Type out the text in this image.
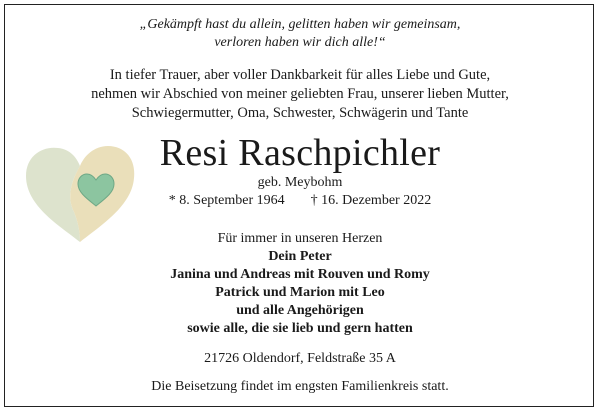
„Gekämpft hast du allein, gelitten haben wir gemeinsam,
verloren haben wir dich alle!“
In tiefer Trauer, aber voller Dankbarkeit für alles Liebe und Gute,
nehmen wir Abschied von meiner geliebten Frau, unserer lieben Mutter,
Schwiegermutter, Oma, Schwester, Schwägerin und Tante
Resi Raschpichler
geb. Meybohm
* 8. September 1964 † 16. Dezember 2022
Für immer in unseren Herzen
Dein Peter
Janina und Andreas mit Rouven und Romy
Patrick und Marion mit Leo
und alle Angehörigen
sowie alle, die sie lieb und gern hatten
21726 Oldendorf, Feldstraße 35 A
Die Beisetzung findet im engsten Familienkreis statt.
